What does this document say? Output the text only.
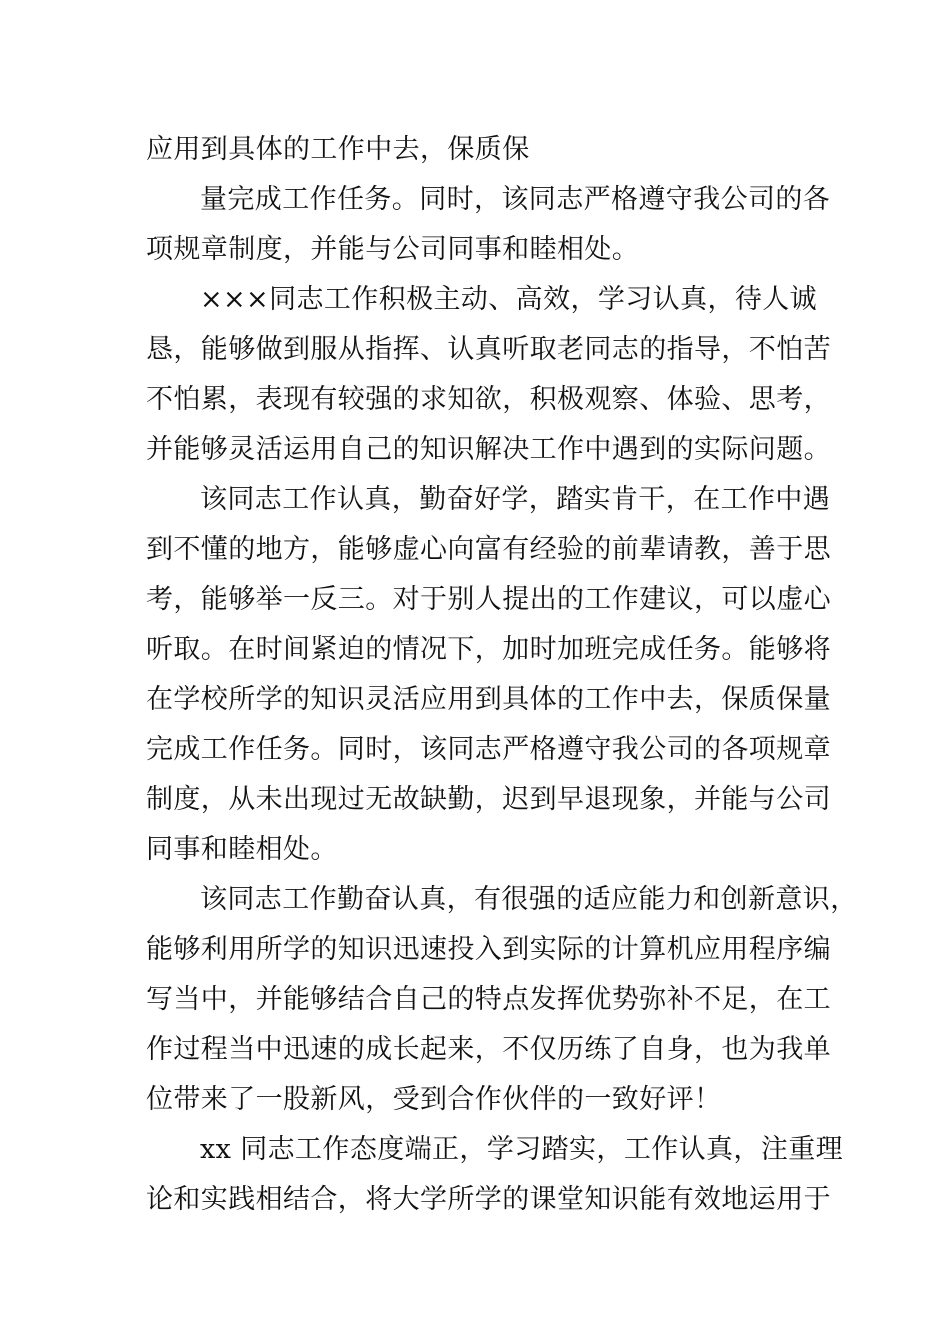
应用到具体的工作中去，保质保
量完成工作任务。同时，该同志严格遵守我公司的各
项规章制度，并能与公司同事和睦相处。
×××同志工作积极主动、高效，学习认真，待人诚
恳，能够做到服从指挥、认真听取老同志的指导，不怕苦
不怕累，表现有较强的求知欲，积极观察、体验、思考，
并能够灵活运用自己的知识解决工作中遇到的实际问题。
该同志工作认真，勤奋好学，踏实肯干，在工作中遇
到不懂的地方，能够虚心向富有经验的前辈请教，善于思
考，能够举一反三。对于别人提出的工作建议，可以虚心
听取。在时间紧迫的情况下，加时加班完成任务。能够将
在学校所学的知识灵活应用到具体的工作中去，保质保量
完成工作任务。同时，该同志严格遵守我公司的各项规章
制度，从未出现过无故缺勤，迟到早退现象，并能与公司
同事和睦相处。
该同志工作勤奋认真，有很强的适应能力和创新意识，
能够利用所学的知识迅速投入到实际的计算机应用程序编
写当中，并能够结合自己的特点发挥优势弥补不足，在工
作过程当中迅速的成长起来，不仅历练了自身，也为我单
位带来了一股新风，受到合作伙伴的一致好评！
xx 同志工作态度端正，学习踏实，工作认真，注重理
论和实践相结合，将大学所学的课堂知识能有效地运用于
